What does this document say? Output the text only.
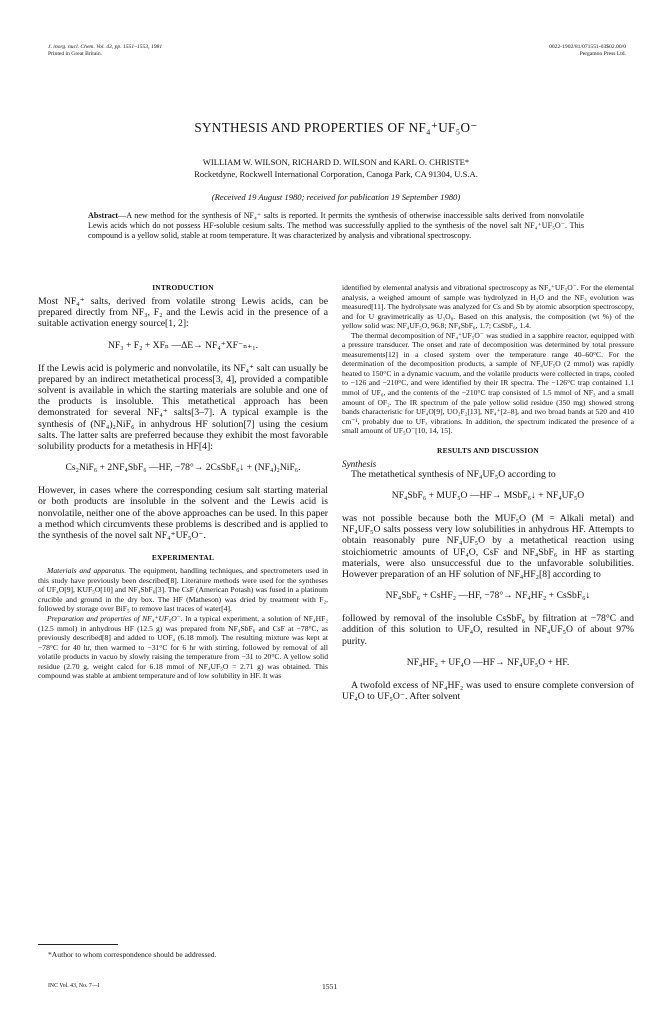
J. inorg. nucl. Chem. Vol. 43, pp. 1551–1553, 1981
Printed in Great Britain.
0022-1902/81/071551-03$02.00/0
Pergamon Press Ltd.
SYNTHESIS AND PROPERTIES OF NF₄⁺UF₅O⁻
WILLIAM W. WILSON, RICHARD D. WILSON and KARL O. CHRISTE*
Rocketdyne, Rockwell International Corporation, Canoga Park, CA 91304, U.S.A.
(Received 19 August 1980; received for publication 19 September 1980)
Abstract—A new method for the synthesis of NF₄⁺ salts is reported. It permits the synthesis of otherwise inaccessible salts derived from nonvolatile Lewis acids which do not possess HF-soluble cesium salts. The method was successfully applied to the synthesis of the novel salt NF₄⁺UF₅O⁻. This compound is a yellow solid, stable at room temperature. It was characterized by analysis and vibrational spectroscopy.
INTRODUCTION

Most NF₄⁺ salts, derived from volatile strong Lewis acids, can be prepared directly from NF₃, F₂ and the Lewis acid in the presence of a suitable activation energy source[1, 2]:

NF₃ + F₂ + XFₙ —ΔE→ NF₄⁺XF⁻ₙ₊₁.

If the Lewis acid is polymeric and nonvolatile, its NF₄⁺ salt can usually be prepared by an indirect metathetical process[3, 4], provided a compatible solvent is available in which the starting materials are soluble and one of the products is insoluble. This metathetical approach has been demonstrated for several NF₄⁺ salts[3–7]. A typical example is the synthesis of (NF₄)₂NiF₆ in anhydrous HF solution[7] using the cesium salts. The latter salts are preferred because they exhibit the most favorable solubility products for a metathesis in HF[4]:

Cs₂NiF₆ + 2NF₄SbF₆ —HF, −78°→ 2CsSbF₆↓ + (NF₄)₂NiF₆.

However, in cases where the corresponding cesium salt starting material or both products are insoluble in the solvent and the Lewis acid is nonvolatile, neither one of the above approaches can be used. In this paper a method which circumvents these problems is described and is applied to the synthesis of the novel salt NF₄⁺UF₅O⁻.

EXPERIMENTAL

Materials and apparatus. The equipment, handling techniques, and spectrometers used in this study have previously been described[8]. Literature methods were used for the syntheses of UF₄O[9], KUF₅O[10] and NF₄SbF₆[3]. The CsF (American Potash) was fused in a platinum crucible and ground in the dry box. The HF (Matheson) was dried by treatment with F₂, followed by storage over BiF₅ to remove last traces of water[4].

Preparation and properties of NF₄⁺UF₅O⁻. In a typical experiment, a solution of NF₄HF₂ (12.5 mmol) in anhydrous HF (12.5 g) was prepared from NF₄SbF₆ and CsF at −78°C, as previously described[8] and added to UOF₄ (6.18 mmol). The resulting mixture was kept at −78°C for 40 hr, then warmed to −31°C for 6 hr with stirring, followed by removal of all volatile products in vacuo by slowly raising the temperature from −31 to 20°C. A yellow solid residue (2.70 g, weight calcd for 6.18 mmol of NF₄UF₅O = 2.71 g) was obtained. This compound was stable at ambient temperature and of low solubility in HF. It was

identified by elemental analysis and vibrational spectroscopy as NF₄⁺UF₅O⁻. For the elemental analysis, a weighed amount of sample was hydrolyzed in H₂O and the NF₃ evolution was measured[11]. The hydrolysate was analyzed for Cs and Sb by atomic absorption spectroscopy, and for U gravimetrically as U₃O₈. Based on this analysis, the composition (wt %) of the yellow solid was: NF₄UF₅O, 96.8; NF₄SbF₆, 1.7; CsSbF₆, 1.4.

The thermal decomposition of NF₄⁺UF₅O⁻ was studied in a sapphire reactor, equipped with a pressure transducer. The onset and rate of decomposition was determined by total pressure measurements[12] in a closed system over the temperature range 40–60°C. For the determination of the decomposition products, a sample of NF₄UF₅O (2 mmol) was rapidly heated to 150°C in a dynamic vacuum, and the volatile products were collected in traps, cooled to −126 and −210°C, and were identified by their IR spectra. The −126°C trap contained 1.1 mmol of UF₆, and the contents of the −210°C trap consisted of 1.5 mmol of NF₃ and a small amount of OF₂. The IR spectrum of the pale yellow solid residue (350 mg) showed strong bands characteristic for UF₄O[9], UO₂F₂[13], NF₄⁺[2–8], and two broad bands at 520 and 410 cm⁻¹, probably due to UFₓ vibrations. In addition, the spectrum indicated the presence of a small amount of UF₅O⁻[10, 14, 15].

RESULTS AND DISCUSSION
Synthesis

The metathetical synthesis of NF₄UF₅O according to

NF₄SbF₆ + MUF₅O —HF→ MSbF₆↓ + NF₄UF₅O

was not possible because both the MUF₅O (M = Alkali metal) and NF₄UF₅O salts possess very low solubilities in anhydrous HF. Attempts to obtain reasonably pure NF₄UF₅O by a metathetical reaction using stoichiometric amounts of UF₄O, CsF and NF₄SbF₆ in HF as starting materials, were also unsuccessful due to the unfavorable solubilities. However preparation of an HF solution of NF₄HF₂[8] according to

NF₄SbF₆ + CsHF₂ —HF, −78°→ NF₄HF₂ + CsSbF₆↓

followed by removal of the insoluble CsSbF₆ by filtration at −78°C and addition of this solution to UF₄O, resulted in NF₄UF₅O of about 97% purity.

NF₄HF₂ + UF₄O —HF→ NF₄UF₅O + HF.

A twofold excess of NF₄HF₂ was used to ensure complete conversion of UF₄O to UF₅O⁻. After solvent

*Author to whom correspondence should be addressed.
INC Vol. 43, No. 7—I	1551
